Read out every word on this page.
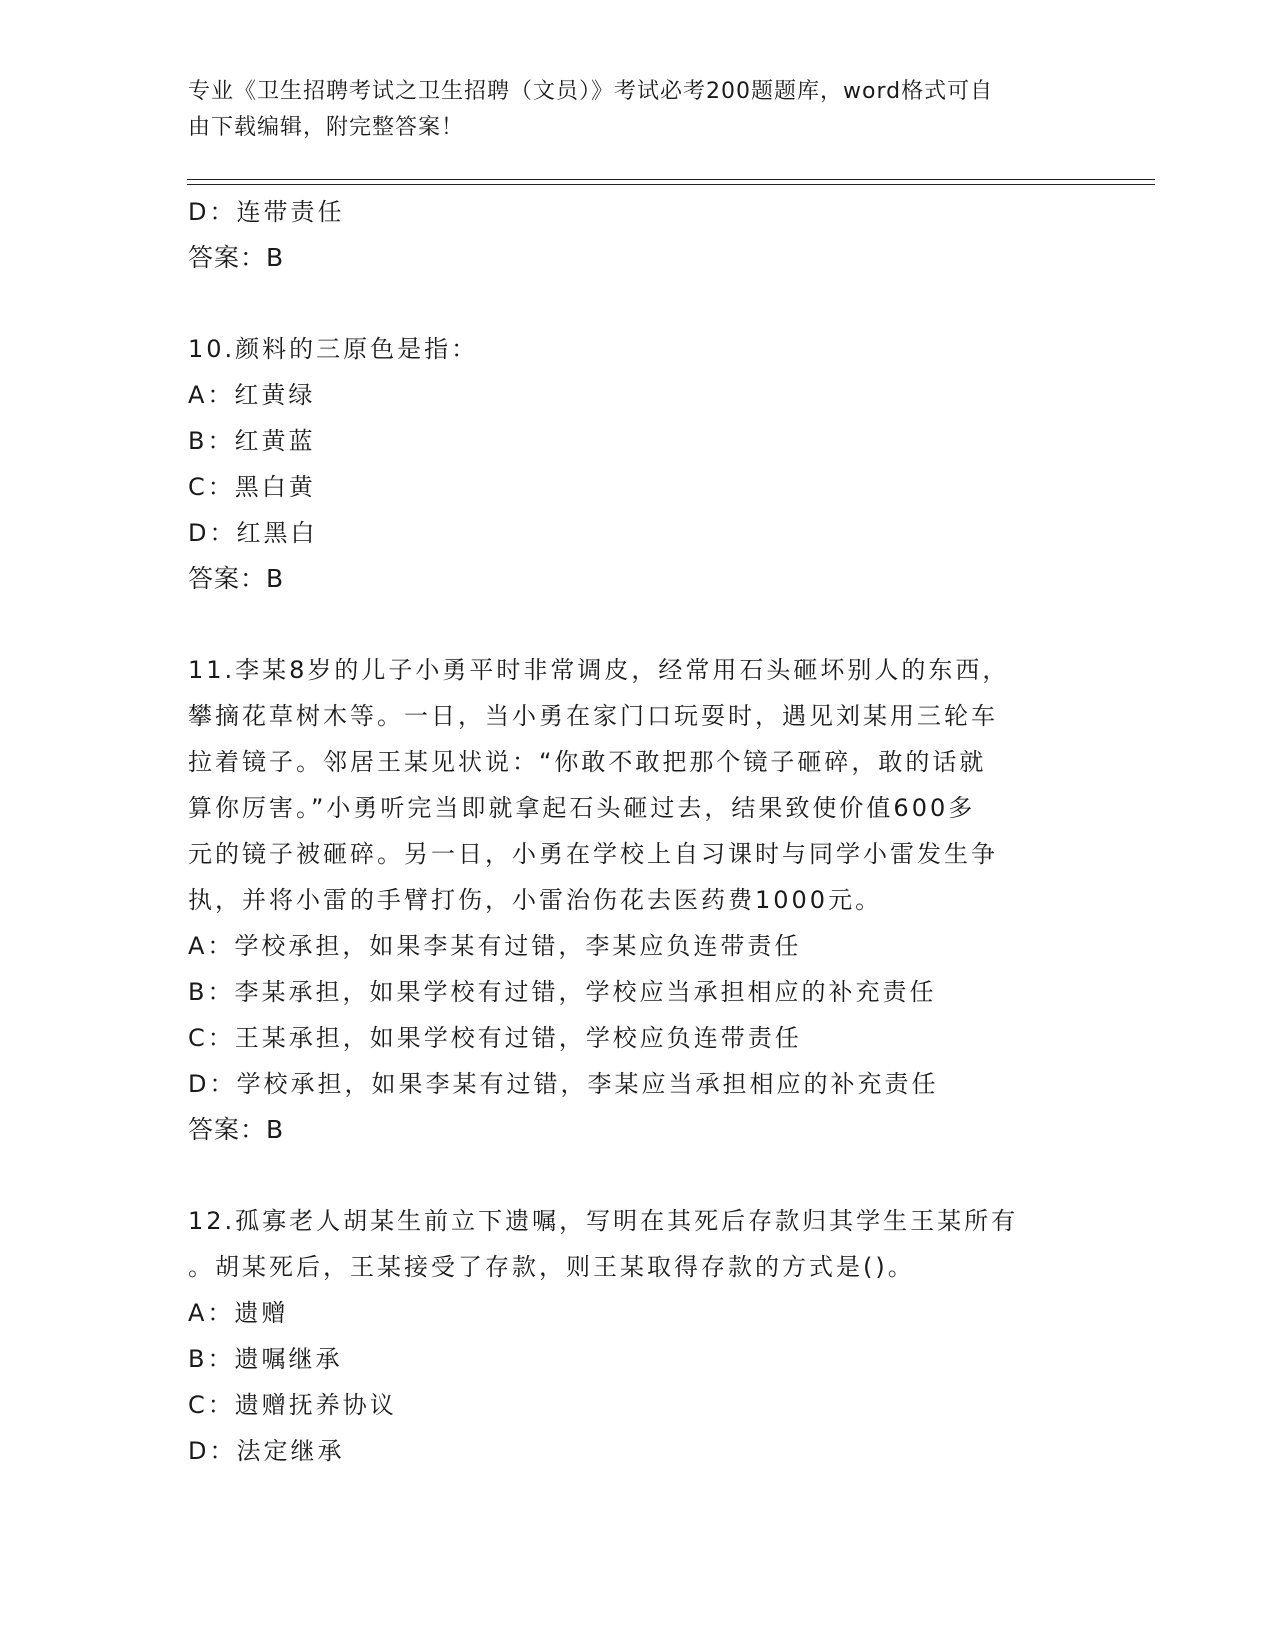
专业《卫生招聘考试之卫生招聘（文员）》考试必考200题题库，word格式可自
由下载编辑，附完整答案！
D：连带责任
答案：B
10.颜料的三原色是指：
A：红黄绿
B：红黄蓝
C：黑白黄
D：红黑白
答案：B
11.李某8岁的儿子小勇平时非常调皮，经常用石头砸坏别人的东西，
攀摘花草树木等。一日，当小勇在家门口玩耍时，遇见刘某用三轮车
拉着镜子。邻居王某见状说：“你敢不敢把那个镜子砸碎，敢的话就
算你厉害。”小勇听完当即就拿起石头砸过去，结果致使价值600多
元的镜子被砸碎。另一日，小勇在学校上自习课时与同学小雷发生争
执，并将小雷的手臂打伤，小雷治伤花去医药费1000元。
A：学校承担，如果李某有过错，李某应负连带责任
B：李某承担，如果学校有过错，学校应当承担相应的补充责任
C：王某承担，如果学校有过错，学校应负连带责任
D：学校承担，如果李某有过错，李某应当承担相应的补充责任
答案：B
12.孤寡老人胡某生前立下遗嘱，写明在其死后存款归其学生王某所有
。胡某死后，王某接受了存款，则王某取得存款的方式是()。
A：遗赠
B：遗嘱继承
C：遗赠抚养协议
D：法定继承
